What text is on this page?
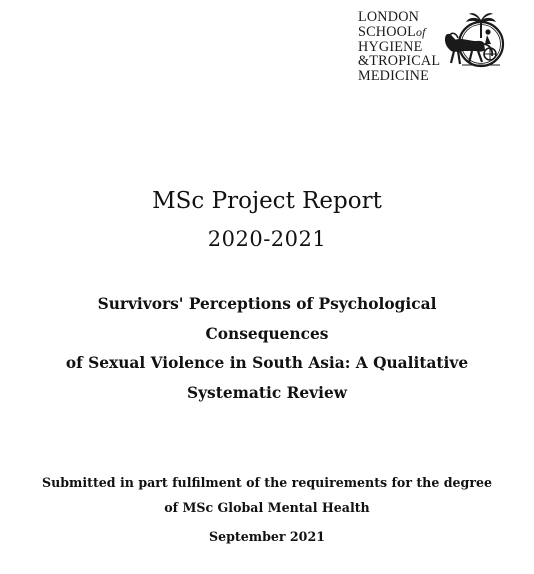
LONDON
SCHOOLof
HYGIENE
&TROPICAL
MEDICINE
MSc Project Report
2020-2021
Survivors' Perceptions of Psychological Consequences
of Sexual Violence in South Asia: A Qualitative
Systematic Review
Submitted in part fulfilment of the requirements for the degree
of MSc Global Mental Health
September 2021
